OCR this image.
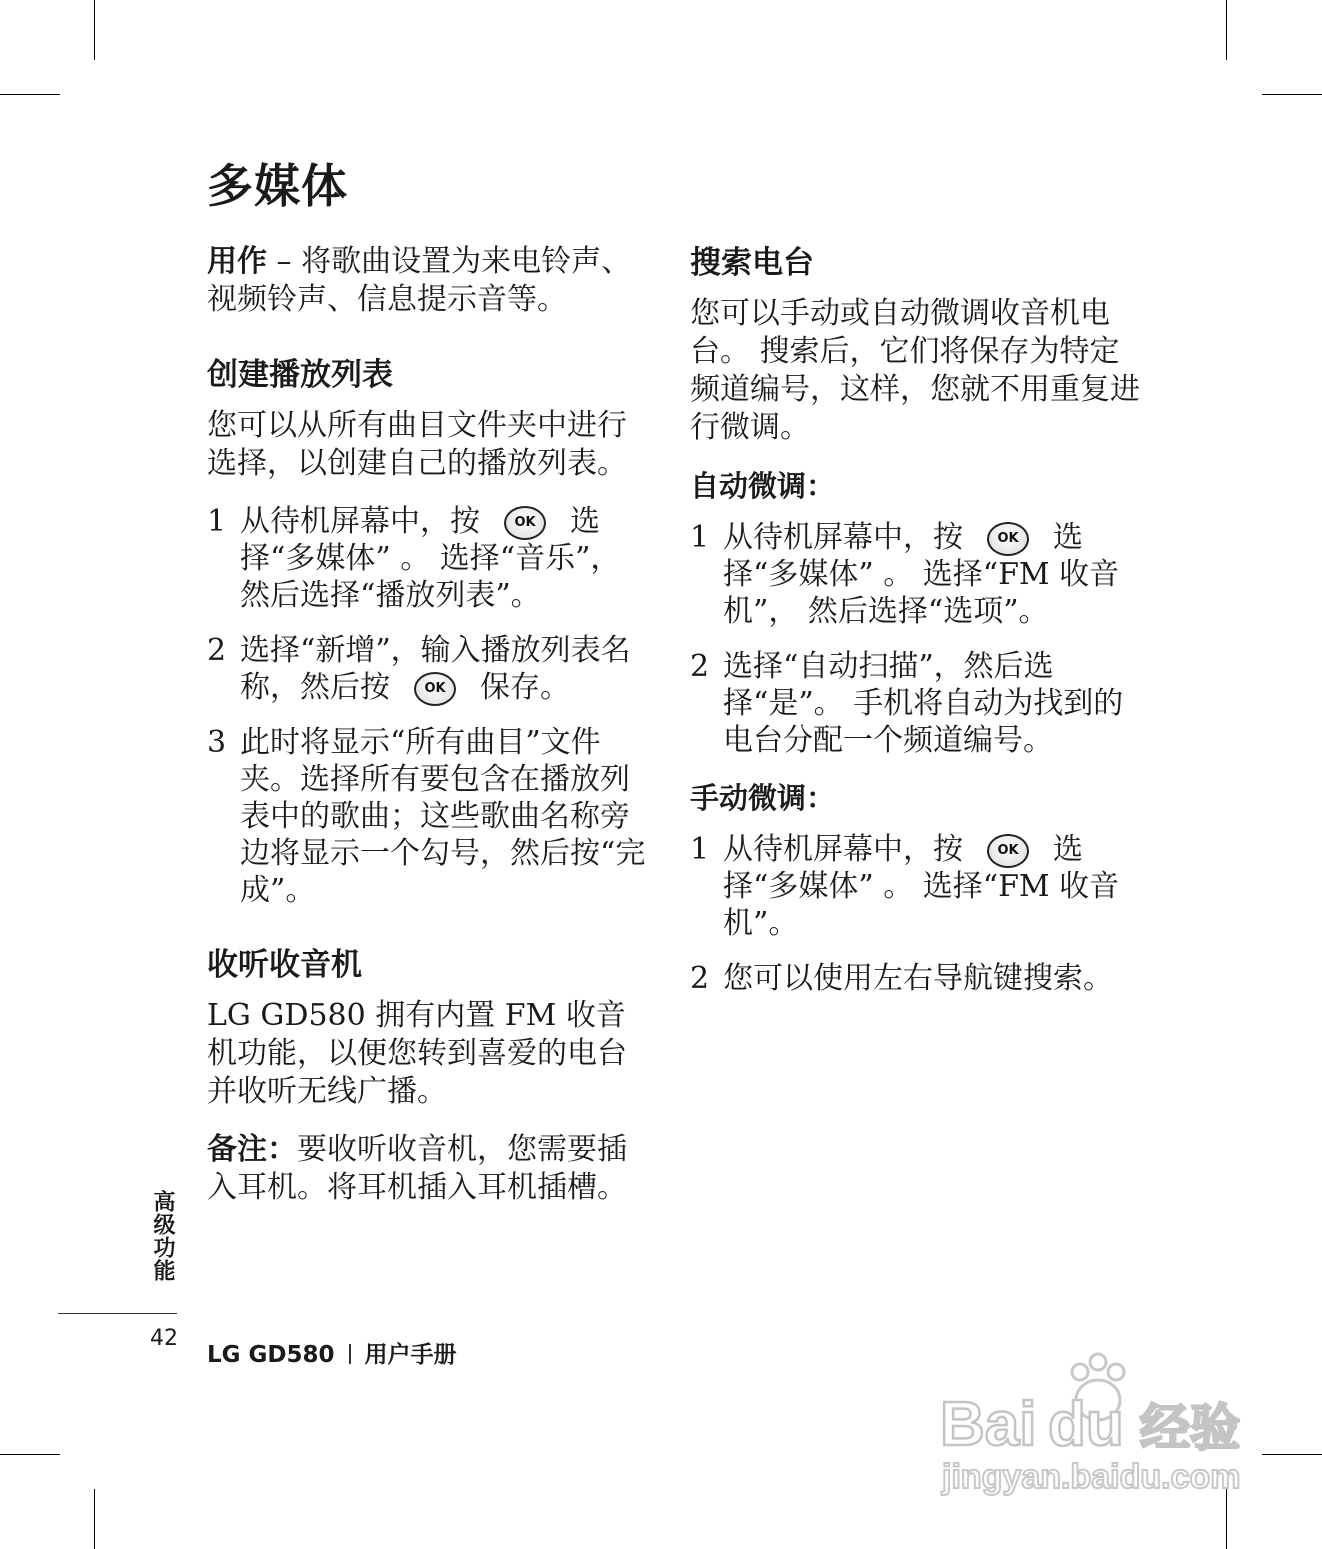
多媒体

用作 – 将歌曲设置为来电铃声、视频铃声、信息提示音等。

创建播放列表

您可以从所有曲目文件夹中进行选择，以创建自己的播放列表。

1 从待机屏幕中，按	OK 选择“多媒体” 。 选择“音乐”， 然后选择“播放列表”。
2 选择“新增”，输入播放列表名称，然后按	OK 保存。
3 此时将显示“所有曲目”文件夹。选择所有要包含在播放列表中的歌曲；这些歌曲名称旁边将显示一个勾号，然后按“完成”。
收听收音机

LG GD580 拥有内置 FM 收音机功能，以便您转到喜爱的电台并收听无线广播。

备注：要收听收音机，您需要插入耳机。将耳机插入耳机插槽。

搜索电台

您可以手动或自动微调收音机电台。 搜索后，它们将保存为特定频道编号，这样，您就不用重复进行微调。

自动微调：
1 从待机屏幕中，按	OK 选择“多媒体” 。 选择“FM 收音机”， 然后选择“选项”。
2 选择“自动扫描”，然后选择“是”。 手机将自动为找到的电台分配一个频道编号。
手动微调：
1 从待机屏幕中，按	OK 选择“多媒体” 。 选择“FM 收音机”。
2 您可以使用左右导航键搜索。
高级功能
42
LG GD580 用户手册
Bai du 经验
jingyan.baidu.com
